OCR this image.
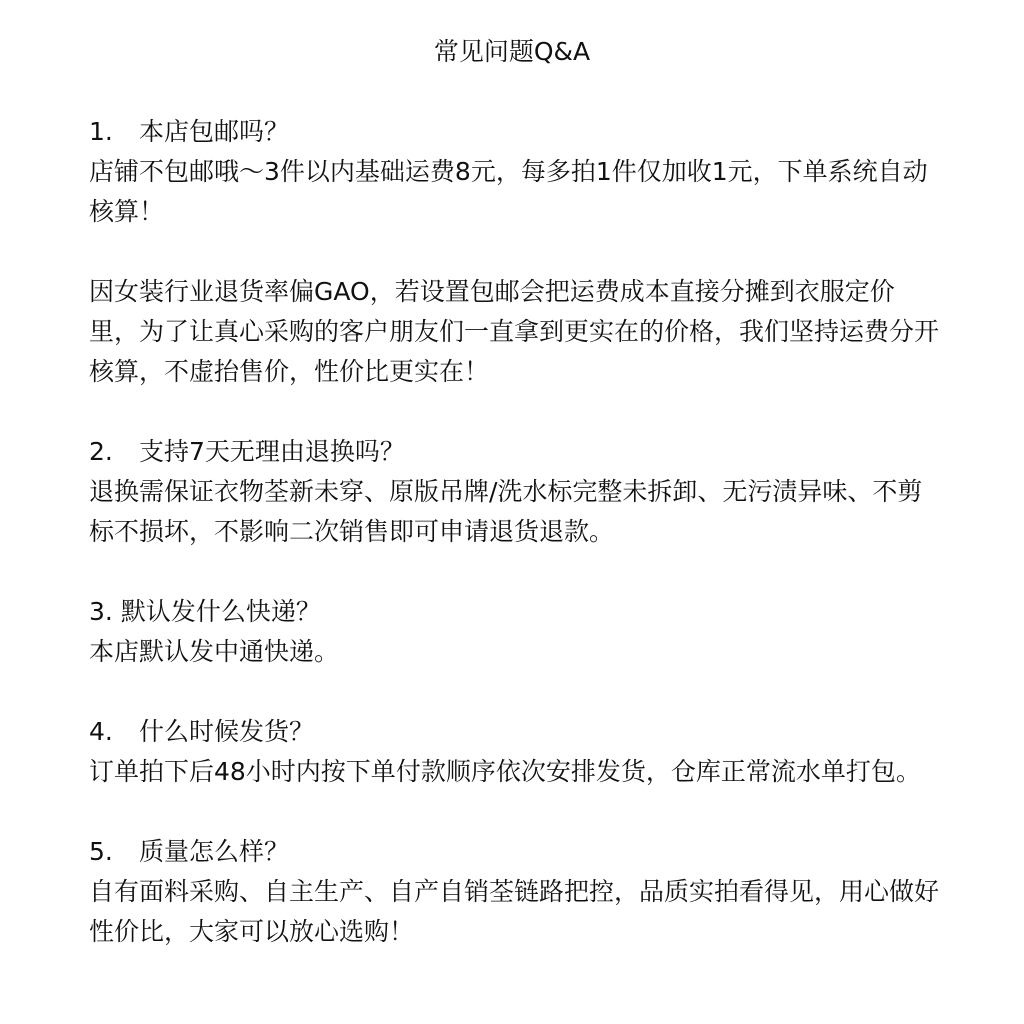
常见问题Q&A

1. 本店包邮吗？

店铺不包邮哦～3件以内基础运费8元，每多拍1件仅加收1元，下单系统自动核算！

因女装行业退货率偏GAO，若设置包邮会把运费成本直接分摊到衣服定价里，为了让真心采购的客户朋友们一直拿到更实在的价格，我们坚持运费分开核算，不虚抬售价，性价比更实在！

2. 支持7天无理由退换吗？

退换需保证衣物荃新未穿、原版吊牌/洗水标完整未拆卸、无污渍异味、不剪标不损坏，不影响二次销售即可申请退货退款。

3. 默认发什么快递？

本店默认发中通快递。

4. 什么时候发货？

订单拍下后48小时内按下单付款顺序依次安排发货，仓库正常流水单打包。

5. 质量怎么样？

自有面料采购、自主生产、自产自销荃链路把控，品质实拍看得见，用心做好性价比，大家可以放心选购！
